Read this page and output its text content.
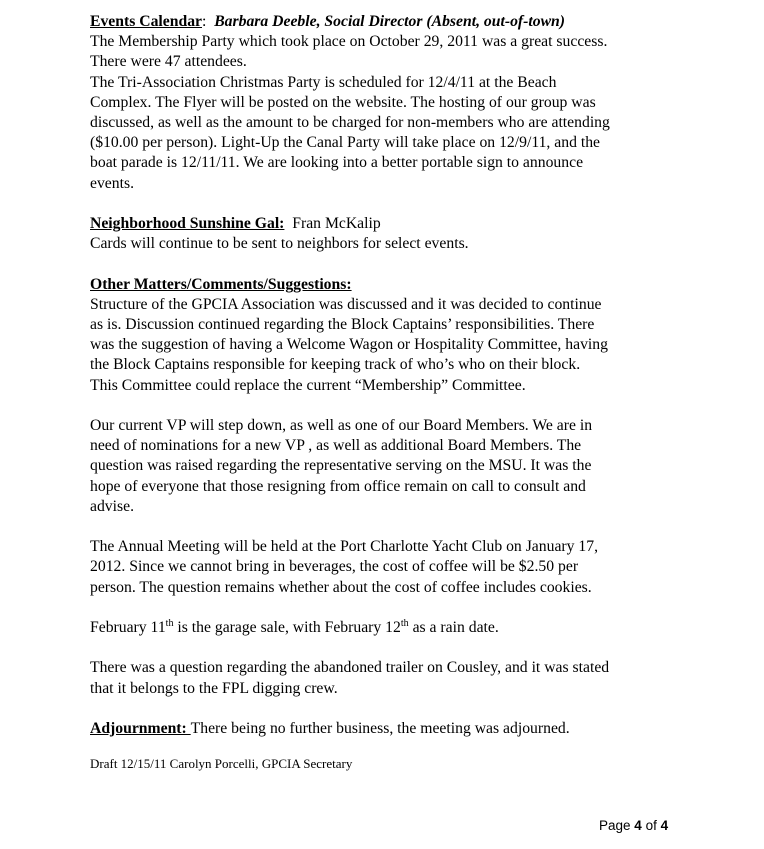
Events Calendar: Barbara Deeble, Social Director (Absent, out-of-town)
The Membership Party which took place on October 29, 2011 was a great success.
There were 47 attendees.
The Tri-Association Christmas Party is scheduled for 12/4/11 at the Beach
Complex. The Flyer will be posted on the website. The hosting of our group was
discussed, as well as the amount to be charged for non-members who are attending
($10.00 per person). Light-Up the Canal Party will take place on 12/9/11, and the
boat parade is 12/11/11. We are looking into a better portable sign to announce
events.

Neighborhood Sunshine Gal: Fran McKalip
Cards will continue to be sent to neighbors for select events.

Other Matters/Comments/Suggestions:
Structure of the GPCIA Association was discussed and it was decided to continue
as is. Discussion continued regarding the Block Captains’ responsibilities. There
was the suggestion of having a Welcome Wagon or Hospitality Committee, having
the Block Captains responsible for keeping track of who’s who on their block.
This Committee could replace the current “Membership” Committee.

Our current VP will step down, as well as one of our Board Members. We are in
need of nominations for a new VP , as well as additional Board Members. The
question was raised regarding the representative serving on the MSU. It was the
hope of everyone that those resigning from office remain on call to consult and
advise.

The Annual Meeting will be held at the Port Charlotte Yacht Club on January 17,
2012. Since we cannot bring in beverages, the cost of coffee will be $2.50 per
person. The question remains whether about the cost of coffee includes cookies.

February 11th is the garage sale, with February 12th as a rain date.

There was a question regarding the abandoned trailer on Cousley, and it was stated
that it belongs to the FPL digging crew.

Adjournment: There being no further business, the meeting was adjourned.

Draft 12/15/11 Carolyn Porcelli, GPCIA Secretary
Page 4 of 4
